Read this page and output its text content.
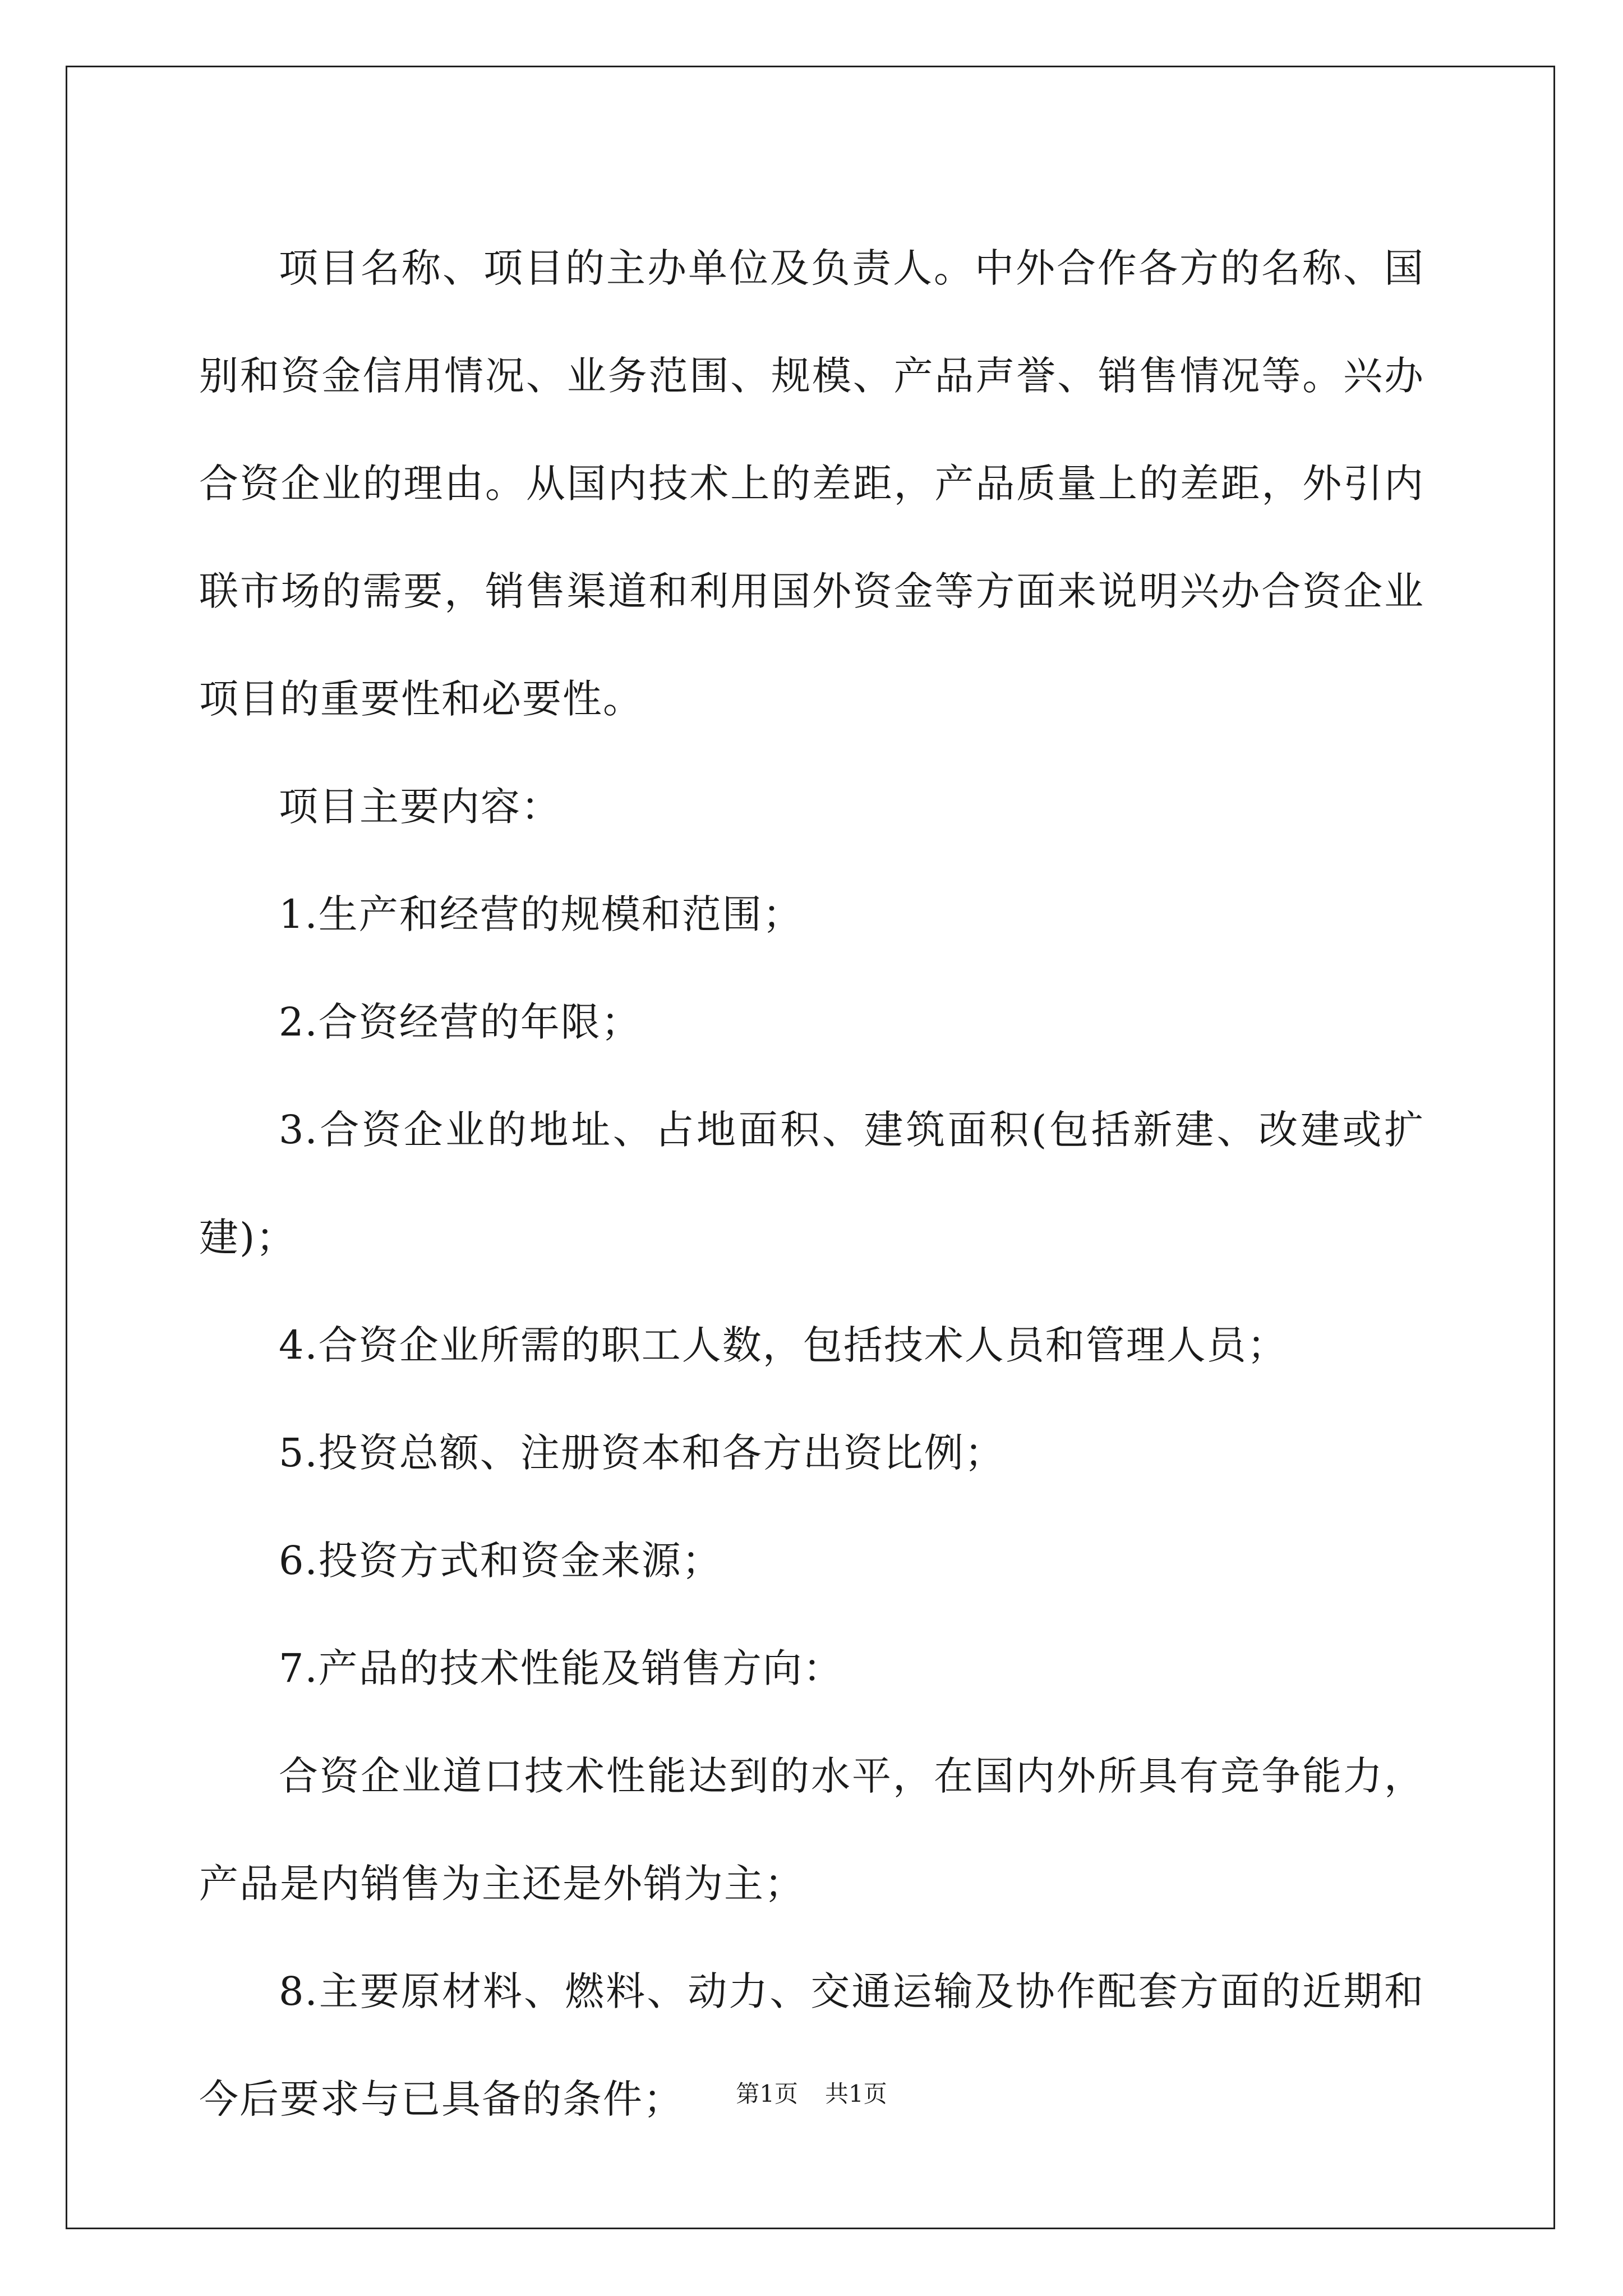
项目名称、项目的主办单位及负责人。中外合作各方的名称、国别和资金信用情况、业务范围、规模、产品声誉、销售情况等。兴办合资企业的理由。从国内技术上的差距，产品质量上的差距，外引内联市场的需要，销售渠道和利用国外资金等方面来说明兴办合资企业项目的重要性和必要性。

项目主要内容：

1.生产和经营的规模和范围；

2.合资经营的年限；

3.合资企业的地址、占地面积、建筑面积(包括新建、改建或扩建)；

4.合资企业所需的职工人数，包括技术人员和管理人员；

5.投资总额、注册资本和各方出资比例；

6.投资方式和资金来源；

7.产品的技术性能及销售方向：

合资企业道口技术性能达到的水平，在国内外所具有竞争能力，产品是内销售为主还是外销为主；

8.主要原材料、燃料、动力、交通运输及协作配套方面的近期和今后要求与已具备的条件；	第1页 共1页
